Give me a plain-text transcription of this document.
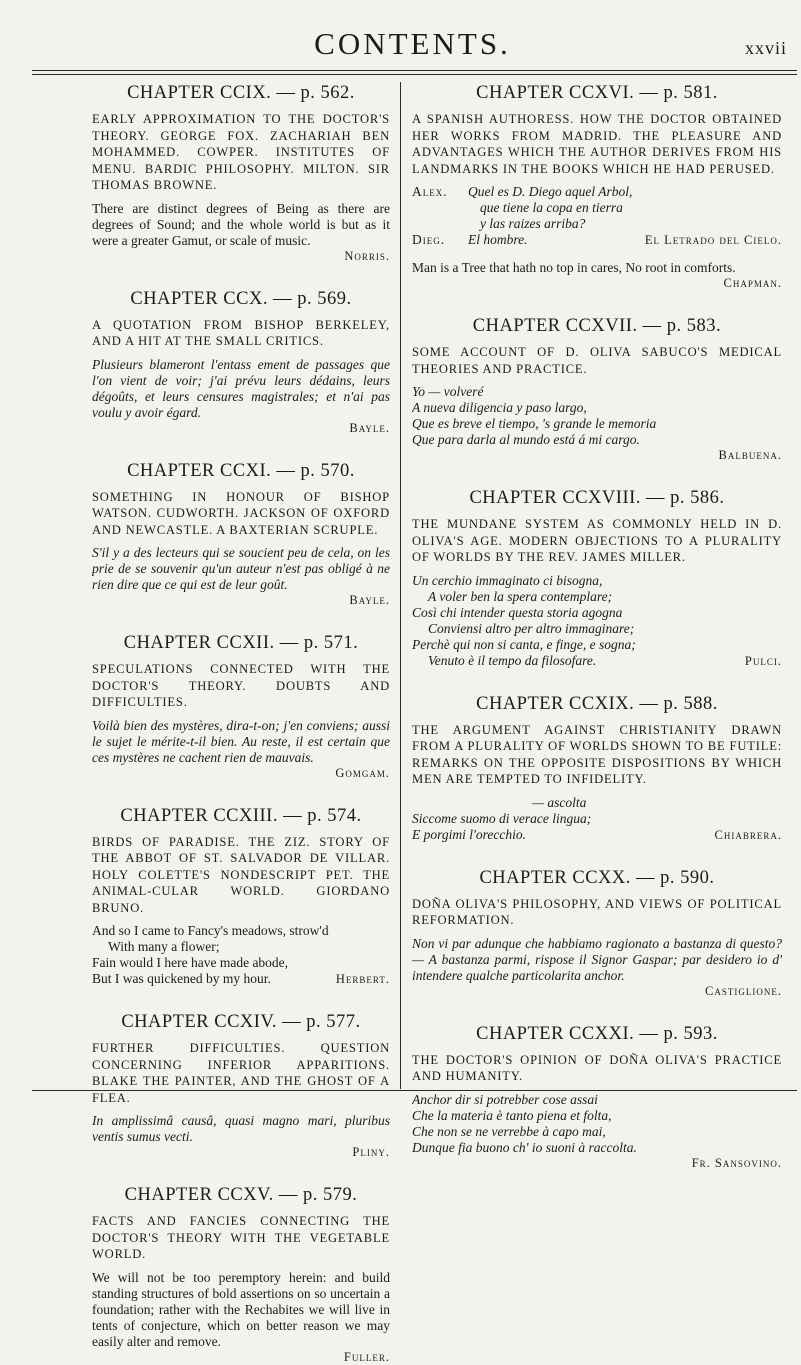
CONTENTS.	xxvii
CHAPTER CCIX. — p. 562.
EARLY APPROXIMATION TO THE DOCTOR'S THEORY. GEORGE FOX. ZACHARIAH BEN MOHAMMED. COWPER. INSTITUTES OF MENU. BARDIC PHILOSOPHY. MILTON. SIR THOMAS BROWNE.
There are distinct degrees of Being as there are degrees of Sound; and the whole world is but as it were a greater Gamut, or scale of music.
Norris.
CHAPTER CCX. — p. 569.
A QUOTATION FROM BISHOP BERKELEY, AND A HIT AT THE SMALL CRITICS.
Plusieurs blameront l'entass ement de passages que l'on vient de voir; j'ai prévu leurs dédains, leurs dégoûts, et leurs censures magistrales; et n'ai pas voulu y avoir égard.
Bayle.
CHAPTER CCXI. — p. 570.
SOMETHING IN HONOUR OF BISHOP WATSON. CUDWORTH. JACKSON OF OXFORD AND NEWCASTLE. A BAXTERIAN SCRUPLE.
S'il y a des lecteurs qui se soucient peu de cela, on les prie de se souvenir qu'un auteur n'est pas obligé à ne rien dire que ce qui est de leur goût.
Bayle.
CHAPTER CCXII. — p. 571.
SPECULATIONS CONNECTED WITH THE DOCTOR'S THEORY. DOUBTS AND DIFFICULTIES.
Voilà bien des mystères, dira-t-on; j'en conviens; aussi le sujet le mérite-t-il bien. Au reste, il est certain que ces mystères ne cachent rien de mauvais.
Gomgam.
CHAPTER CCXIII. — p. 574.
BIRDS OF PARADISE. THE ZIZ. STORY OF THE ABBOT OF ST. SALVADOR DE VILLAR. HOLY COLETTE'S NONDESCRIPT PET. THE ANIMAL-CULAR WORLD. GIORDANO BRUNO.
And so I came to Fancy's meadows, strow'd
With many a flower;
Fain would I here have made abode,
But I was quickened by my hour.	Herbert.
CHAPTER CCXIV. — p. 577.
FURTHER DIFFICULTIES. QUESTION CONCERNING INFERIOR APPARITIONS. BLAKE THE PAINTER, AND THE GHOST OF A FLEA.
In amplissimâ causâ, quasi magno mari, pluribus ventis sumus vecti.
Pliny.
CHAPTER CCXV. — p. 579.
FACTS AND FANCIES CONNECTING THE DOCTOR'S THEORY WITH THE VEGETABLE WORLD.
We will not be too peremptory herein: and build standing structures of bold assertions on so uncertain a foundation; rather with the Rechabites we will live in tents of conjecture, which on better reason we may easily alter and remove.
Fuller.
CHAPTER CCXVI. — p. 581.
A SPANISH AUTHORESS. HOW THE DOCTOR OBTAINED HER WORKS FROM MADRID. THE PLEASURE AND ADVANTAGES WHICH THE AUTHOR DERIVES FROM HIS LANDMARKS IN THE BOOKS WHICH HE HAD PERUSED.
Alex.	Quel es D. Diego aquel Arbol,
que tiene la copa en tierra
y las raizes arriba?
Dieg.	El hombre.	El Letrado del Cielo.
Man is a Tree that hath no top in cares, No root in comforts.
Chapman.
CHAPTER CCXVII. — p. 583.
SOME ACCOUNT OF D. OLIVA SABUCO'S MEDICAL THEORIES AND PRACTICE.
Yo — volveré
A nueva diligencia y paso largo,
Que es breve el tiempo, 's grande le memoria
Que para darla al mundo está á mi cargo.
Balbuena.
CHAPTER CCXVIII. — p. 586.
THE MUNDANE SYSTEM AS COMMONLY HELD IN D. OLIVA'S AGE. MODERN OBJECTIONS TO A PLURALITY OF WORLDS BY THE REV. JAMES MILLER.
Un cerchio immaginato ci bisogna,
A voler ben la spera contemplare;
Così chi intender questa storia agogna
Conviensi altro per altro immaginare;
Perchè qui non si canta, e finge, e sogna;
Venuto è il tempo da filosofare.	Pulci.
CHAPTER CCXIX. — p. 588.
THE ARGUMENT AGAINST CHRISTIANITY DRAWN FROM A PLURALITY OF WORLDS SHOWN TO BE FUTILE: REMARKS ON THE OPPOSITE DISPOSITIONS BY WHICH MEN ARE TEMPTED TO INFIDELITY.
— ascolta
Siccome suomo di verace lingua;
E porgimi l'orecchio.	Chiabrera.
CHAPTER CCXX. — p. 590.
DOÑA OLIVA'S PHILOSOPHY, AND VIEWS OF POLITICAL REFORMATION.
Non vi par adunque che habbiamo ragionato a bastanza di questo? — A bastanza parmi, rispose il Signor Gaspar; par desidero io d' intendere qualche particolarita anchor.
Castiglione.
CHAPTER CCXXI. — p. 593.
THE DOCTOR'S OPINION OF DOÑA OLIVA'S PRACTICE AND HUMANITY.
Anchor dir si potrebber cose assai
Che la materia è tanto piena et folta,
Che non se ne verrebbe à capo mai,
Dunque fia buono ch' io suoni à raccolta.
Fr. Sansovino.
